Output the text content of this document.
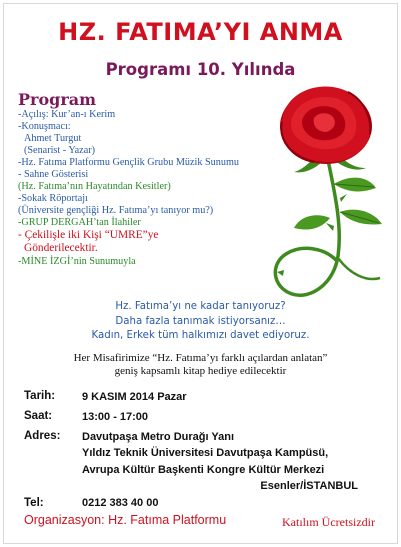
HZ. FATIMA’YI ANMA
Programı 10. Yılında
Program
-Açılış: Kur’an-ı Kerim
-Konuşmacı:
Ahmet Turgut
(Senarist - Yazar)
-Hz. Fatıma Platformu Gençlik Grubu Müzik Sunumu
- Sahne Gösterisi
(Hz. Fatıma’nın Hayatından Kesitler)
-Sokak Röportajı
(Üniversite gençliği Hz. Fatıma’yı tanıyor mu?)
-GRUP DERGAH’tan İlahiler
- Çekilişle iki Kişi “UMRE”ye
Gönderilecektir.
-MİNE İZGİ’nin Sunumuyla
Hz. Fatıma’yı ne kadar tanıyoruz?
Daha fazla tanımak istiyorsanız…
Kadın, Erkek tüm halkımızı davet ediyoruz.
Her Misafirimize “Hz. Fatıma’yı farklı açılardan anlatan”
geniş kapsamlı kitap hediye edilecektir
Tarih: 9 KASIM 2014 Pazar
Saat:	13:00 - 17:00
Adres: Davutpaşa Metro Durağı Yanı
Yıldız Teknik Üniversitesi Davutpaşa Kampüsü,
Avrupa Kültür Başkenti Kongre Kültür Merkezi
Esenler/İSTANBUL
Tel:	0212 383 40 00
Organizasyon: Hz. Fatıma Platformu	Katılım Ücretsizdir
